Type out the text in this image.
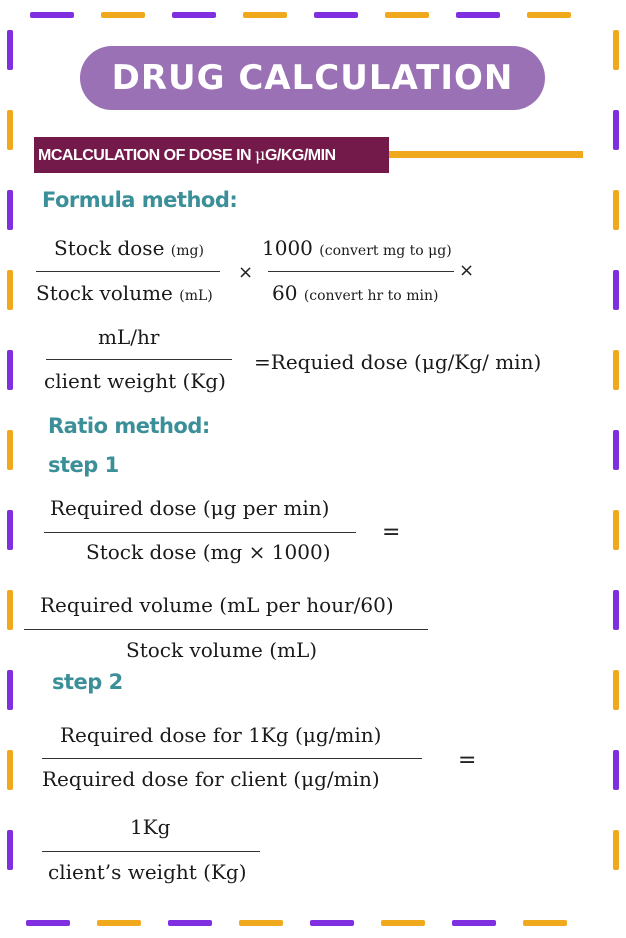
DRUG CALCULATION
MCALCULATION OF DOSE IN μG/KG/MIN
Formula method:
Stock dose (mg)
Stock volume (mL)
×
1000 (convert mg to μg)
60 (convert hr to min)
×
mL/hr
client weight (Kg)
=Requied dose (μg/Kg/ min)
Ratio method:
step 1
Required dose (μg per min)
Stock dose (mg × 1000)
=
Required volume (mL per hour/60)
Stock volume (mL)
step 2
Required dose for 1Kg (μg/min)
Required dose for client (μg/min)
=
1Kg
client’s weight (Kg)
